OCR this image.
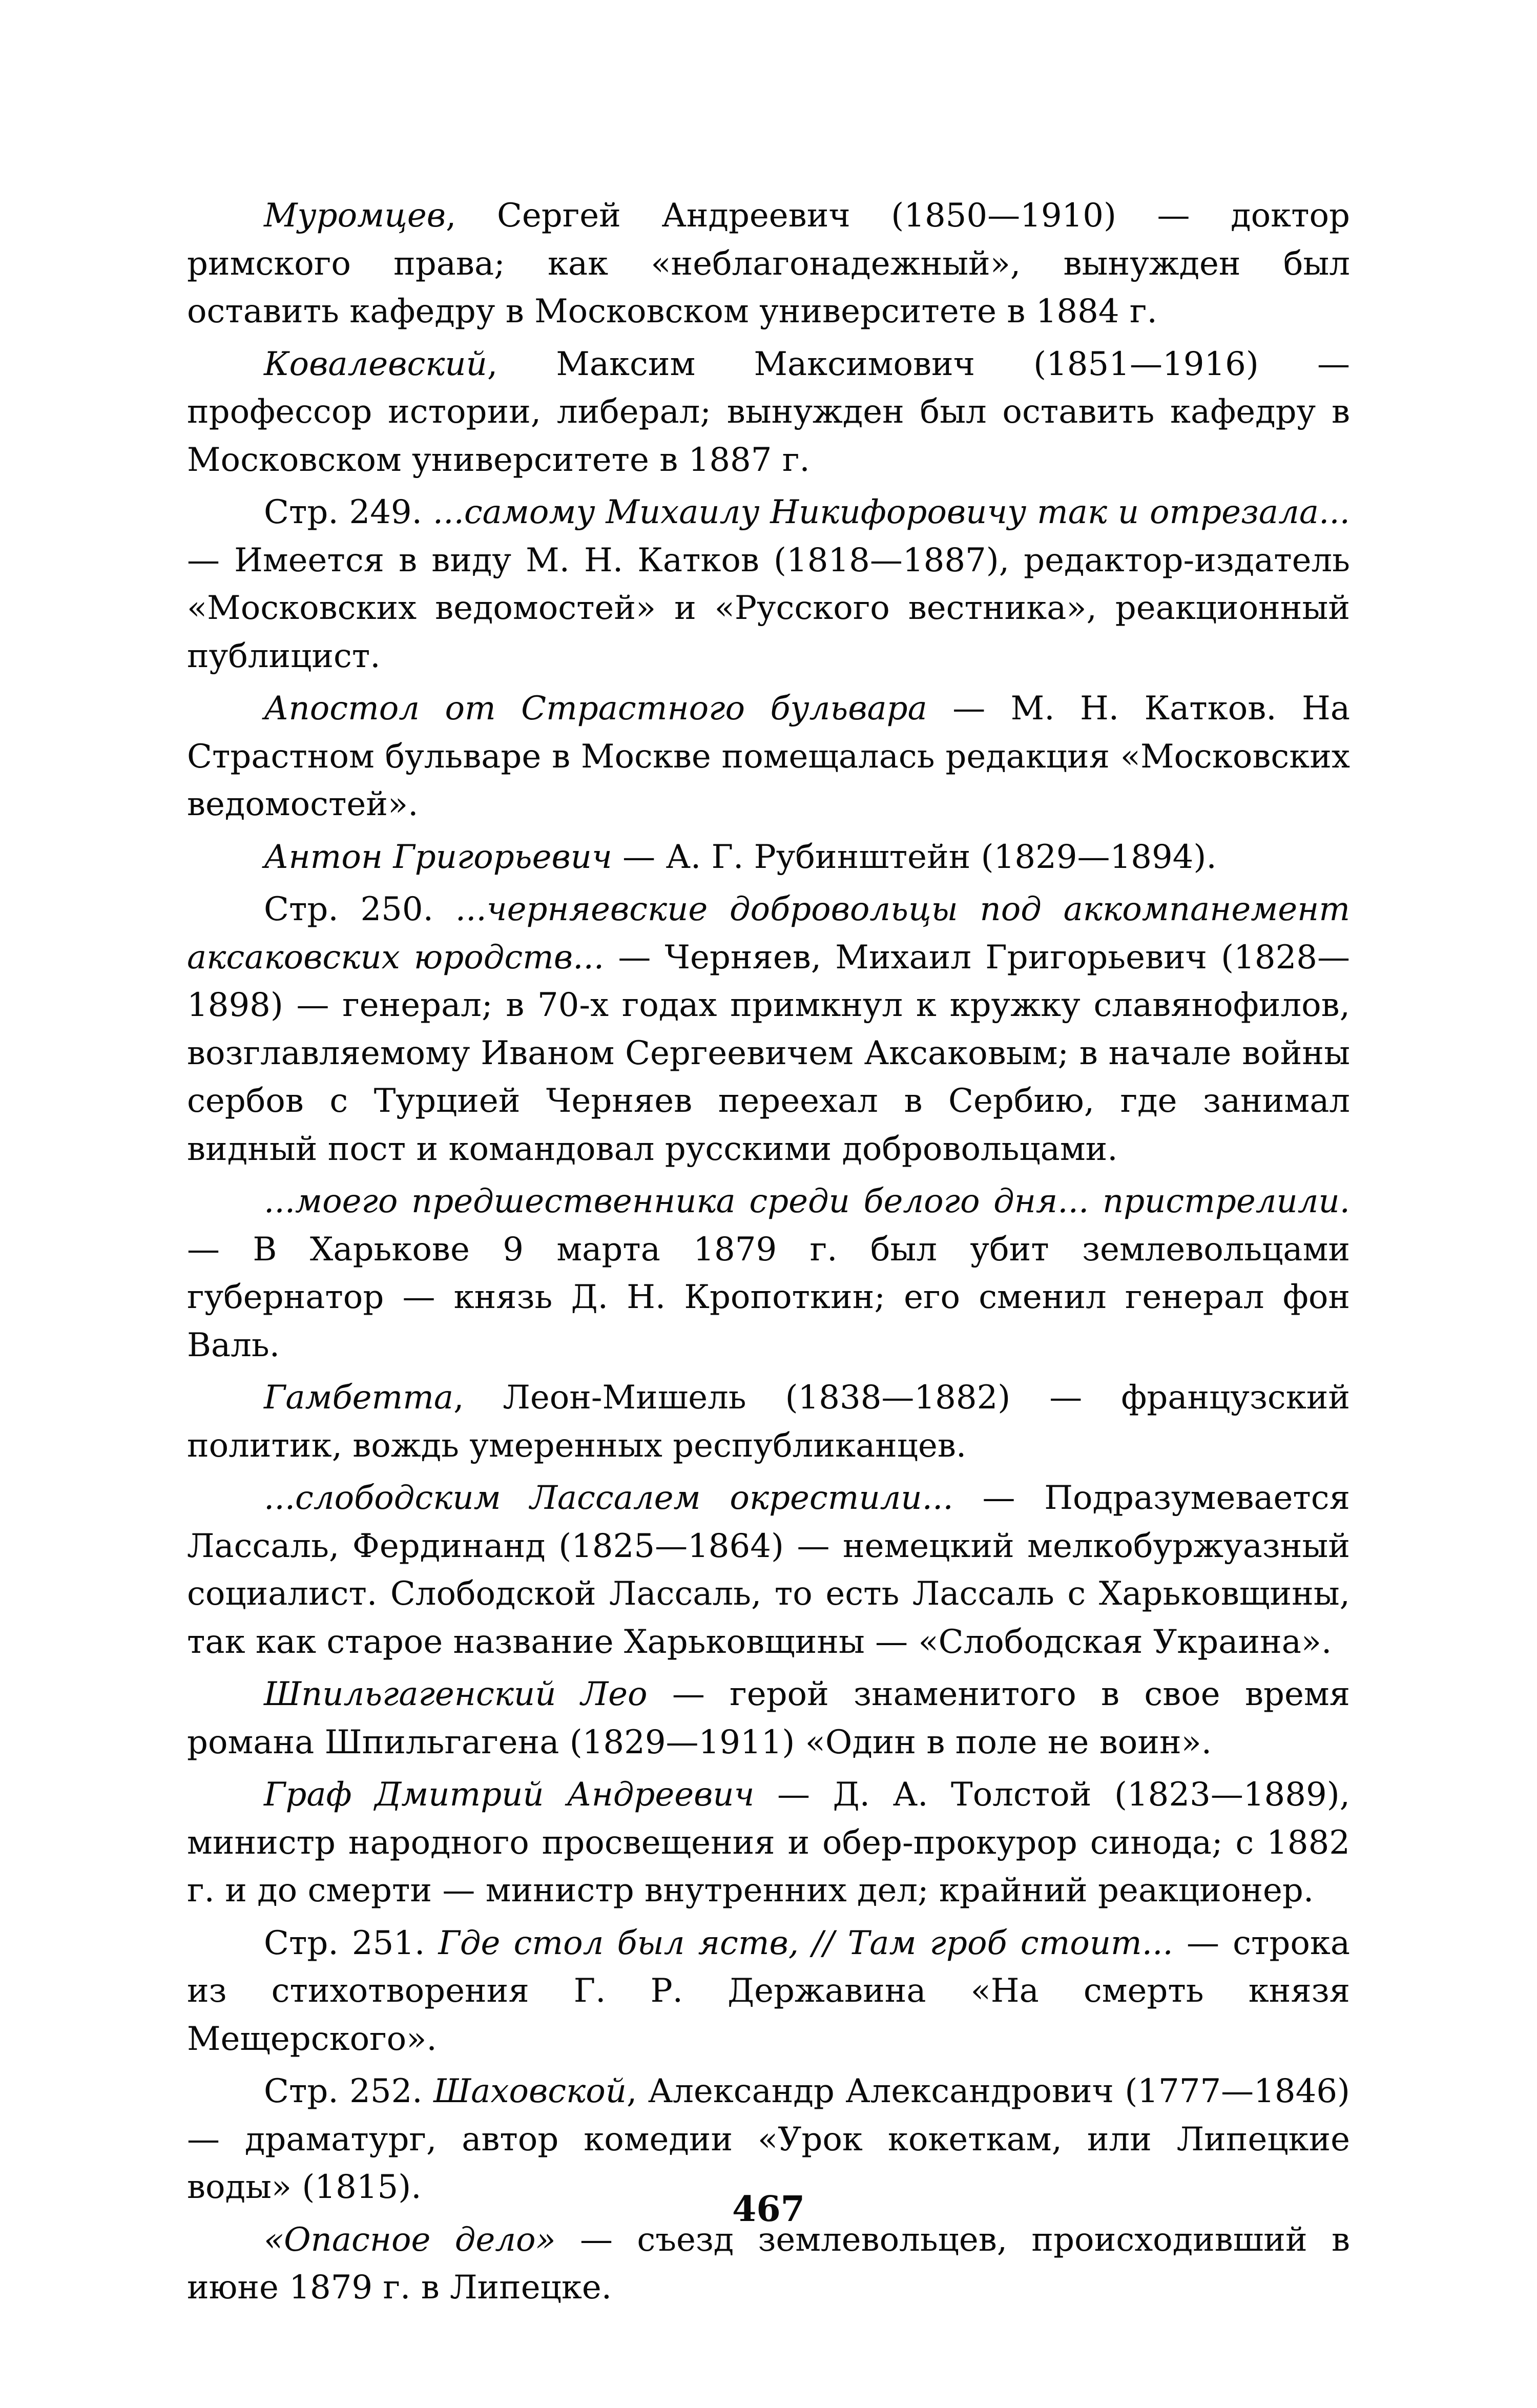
Муромцев, Сергей Андреевич (1850—1910) — доктор римского права; как «неблагонадежный», вынужден был оставить кафедру в Московском университете в 1884 г.

Ковалевский, Максим Максимович (1851—1916) — профессор истории, либерал; вынужден был оставить кафедру в Московском университете в 1887 г.

Стр. 249. ...самому Михаилу Никифоровичу так и отрезала... — Имеется в виду М. Н. Катков (1818—1887), редактор-издатель «Московских ведомостей» и «Русского вестника», реакционный публицист.

Апостол от Страстного бульвара — М. Н. Катков. На Страстном бульваре в Москве помещалась редакция «Московских ведомостей».

Антон Григорьевич — А. Г. Рубинштейн (1829—1894).

Стр. 250. ...черняевские добровольцы под аккомпанемент аксаковских юродств... — Черняев, Михаил Григорьевич (1828—1898) — генерал; в 70-х годах примкнул к кружку славянофилов, возглавляемому Иваном Сергеевичем Аксаковым; в начале войны сербов с Турцией Черняев переехал в Сербию, где занимал видный пост и командовал русскими добровольцами.

...моего предшественника среди белого дня... пристрелили. — В Харькове 9 марта 1879 г. был убит землевольцами губернатор — князь Д. Н. Кропоткин; его сменил генерал фон Валь.

Гамбетта, Леон-Мишель (1838—1882) — французский политик, вождь умеренных республиканцев.

...слободским Лассалем окрестили... — Подразумевается Лассаль, Фердинанд (1825—1864) — немецкий мелкобуржуазный социалист. Слободской Лассаль, то есть Лассаль с Харьковщины, так как старое название Харьковщины — «Слободская Украина».

Шпильгагенский Лео — герой знаменитого в свое время романа Шпильгагена (1829—1911) «Один в поле не воин».

Граф Дмитрий Андреевич — Д. А. Толстой (1823—1889), министр народного просвещения и обер-прокурор синода; с 1882 г. и до смерти — министр внутренних дел; крайний реакционер.

Стр. 251. Где стол был яств, // Там гроб стоит... — строка из стихотворения Г. Р. Державина «На смерть князя Мещерского».

Стр. 252. Шаховской, Александр Александрович (1777—1846) — драматург, автор комедии «Урок кокеткам, или Липецкие воды» (1815).

«Опасное дело» — съезд землевольцев, происходивший в июне 1879 г. в Липецке.

467
